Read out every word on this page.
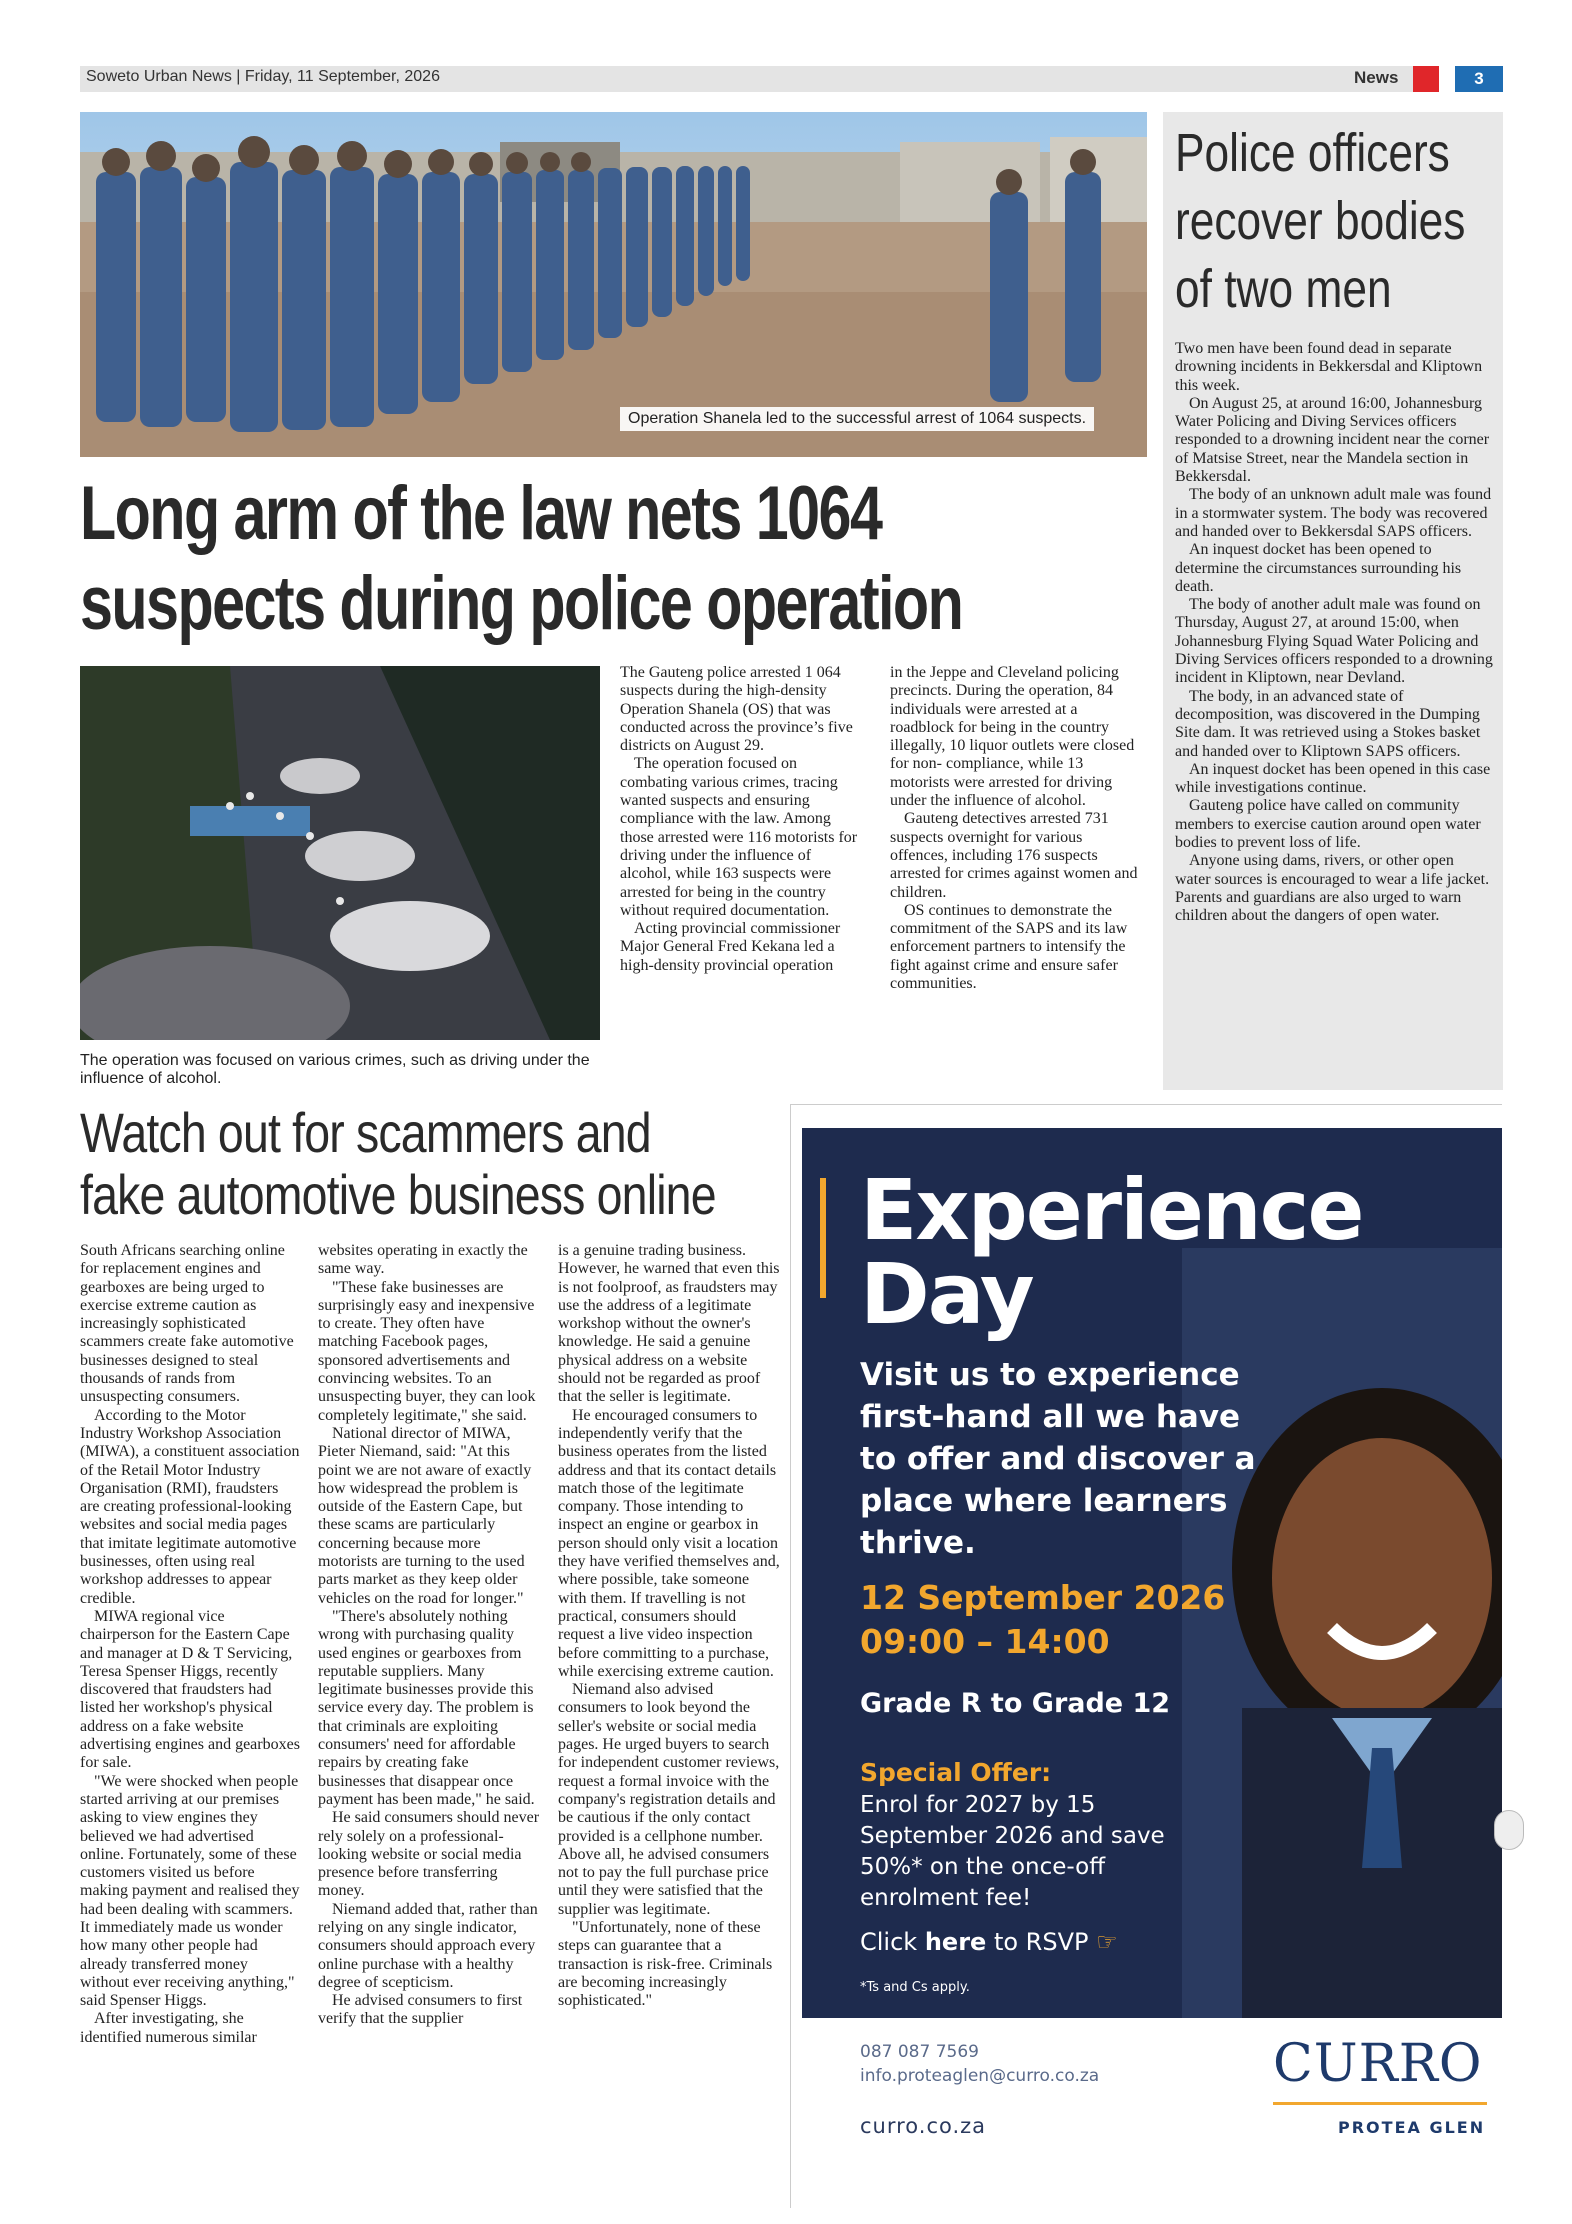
Soweto Urban News | Friday, 11 September, 2026	News	3
Operation Shanela led to the successful arrest of 1064 suspects.
Long arm of the law nets 1064
suspects during police operation
The operation was focused on various crimes, such as driving under the influence of alcohol.

The Gauteng police arrested 1 064 suspects during the high-density Operation Shanela (OS) that was conducted across the province’s five districts on August 29.

The operation focused on combating various crimes, tracing wanted suspects and ensuring compliance with the law. Among those arrested were 116 motorists for driving under the influence of alcohol, while 163 suspects were arrested for being in the country without required documentation.

Acting provincial commissioner Major General Fred Kekana led a high-density provincial operation

in the Jeppe and Cleveland policing precincts. During the operation, 84 individuals were arrested at a roadblock for being in the country illegally, 10 liquor outlets were closed for non- compliance, while 13 motorists were arrested for driving under the influence of alcohol.

Gauteng detectives arrested 731 suspects overnight for various offences, including 176 suspects arrested for crimes against women and children.

OS continues to demonstrate the commitment of the SAPS and its law enforcement partners to intensify the fight against crime and ensure safer communities.

Police officers
recover bodies
of two men

Two men have been found dead in separate drowning incidents in Bekkersdal and Kliptown this week.

On August 25, at around 16:00, Johannesburg Water Policing and Diving Services officers responded to a drowning incident near the corner of Matsise Street, near the Mandela section in Bekkersdal.

The body of an unknown adult male was found in a stormwater system. The body was recovered and handed over to Bekkersdal SAPS officers.

An inquest docket has been opened to determine the circumstances surrounding his death.

The body of another adult male was found on Thursday, August 27, at around 15:00, when Johannesburg Flying Squad Water Policing and Diving Services officers responded to a drowning incident in Kliptown, near Devland.

The body, in an advanced state of decomposition, was discovered in the Dumping Site dam. It was retrieved using a Stokes basket and handed over to Kliptown SAPS officers.

An inquest docket has been opened in this case while investigations continue.

Gauteng police have called on community members to exercise caution around open water bodies to prevent loss of life.

Anyone using dams, rivers, or other open water sources is encouraged to wear a life jacket. Parents and guardians are also urged to warn children about the dangers of open water.

Watch out for scammers and
fake automotive business online

South Africans searching online for replacement engines and gearboxes are being urged to exercise extreme caution as increasingly sophisticated scammers create fake automotive businesses designed to steal thousands of rands from unsuspecting consumers.

According to the Motor Industry Workshop Association (MIWA), a constituent association of the Retail Motor Industry Organisation (RMI), fraudsters are creating professional-looking websites and social media pages that imitate legitimate automotive businesses, often using real workshop addresses to appear credible.

MIWA regional vice chairperson for the Eastern Cape and manager at D & T Servicing, Teresa Spenser Higgs, recently discovered that fraudsters had listed her workshop's physical address on a fake website advertising engines and gearboxes for sale.

"We were shocked when people started arriving at our premises asking to view engines they believed we had advertised online. Fortunately, some of these customers visited us before making payment and realised they had been dealing with scammers. It immediately made us wonder how many other people had already transferred money without ever receiving anything," said Spenser Higgs.

After investigating, she identified numerous similar

websites operating in exactly the same way.

"These fake businesses are surprisingly easy and inexpensive to create. They often have matching Facebook pages, sponsored advertisements and convincing websites. To an unsuspecting buyer, they can look completely legitimate," she said.

National director of MIWA, Pieter Niemand, said: "At this point we are not aware of exactly how widespread the problem is outside of the Eastern Cape, but these scams are particularly concerning because more motorists are turning to the used parts market as they keep older vehicles on the road for longer."

"There's absolutely nothing wrong with purchasing quality used engines or gearboxes from reputable suppliers. Many legitimate businesses provide this service every day. The problem is that criminals are exploiting consumers' need for affordable repairs by creating fake businesses that disappear once payment has been made," he said.

He said consumers should never rely solely on a professional-looking website or social media presence before transferring money.

Niemand added that, rather than relying on any single indicator, consumers should approach every online purchase with a healthy degree of scepticism.

He advised consumers to first verify that the supplier

is a genuine trading business. However, he warned that even this is not foolproof, as fraudsters may use the address of a legitimate workshop without the owner's knowledge. He said a genuine physical address on a website should not be regarded as proof that the seller is legitimate.

He encouraged consumers to independently verify that the business operates from the listed address and that its contact details match those of the legitimate company. Those intending to inspect an engine or gearbox in person should only visit a location they have verified themselves and, where possible, take someone with them. If travelling is not practical, consumers should request a live video inspection before committing to a purchase, while exercising extreme caution.

Niemand also advised consumers to look beyond the seller's website or social media pages. He urged buyers to search for independent customer reviews, request a formal invoice with the company's registration details and be cautious if the only contact provided is a cellphone number. Above all, he advised consumers not to pay the full purchase price until they were satisfied that the supplier was legitimate.

"Unfortunately, none of these steps can guarantee that a transaction is risk-free. Criminals are becoming increasingly sophisticated."

Experience
Day
Visit us to experience first-hand all we have to offer and discover a place where learners thrive.
12 September 2026
09:00 – 14:00
Grade R to Grade 12
Special Offer:
Enrol for 2027 by 15 September 2026 and save 50%* on the once-off enrolment fee!
Click here to RSVP ☞
*Ts and Cs apply.
087 087 7569
info.proteaglen@curro.co.za
curro.co.za
CURRO
PROTEA GLEN
